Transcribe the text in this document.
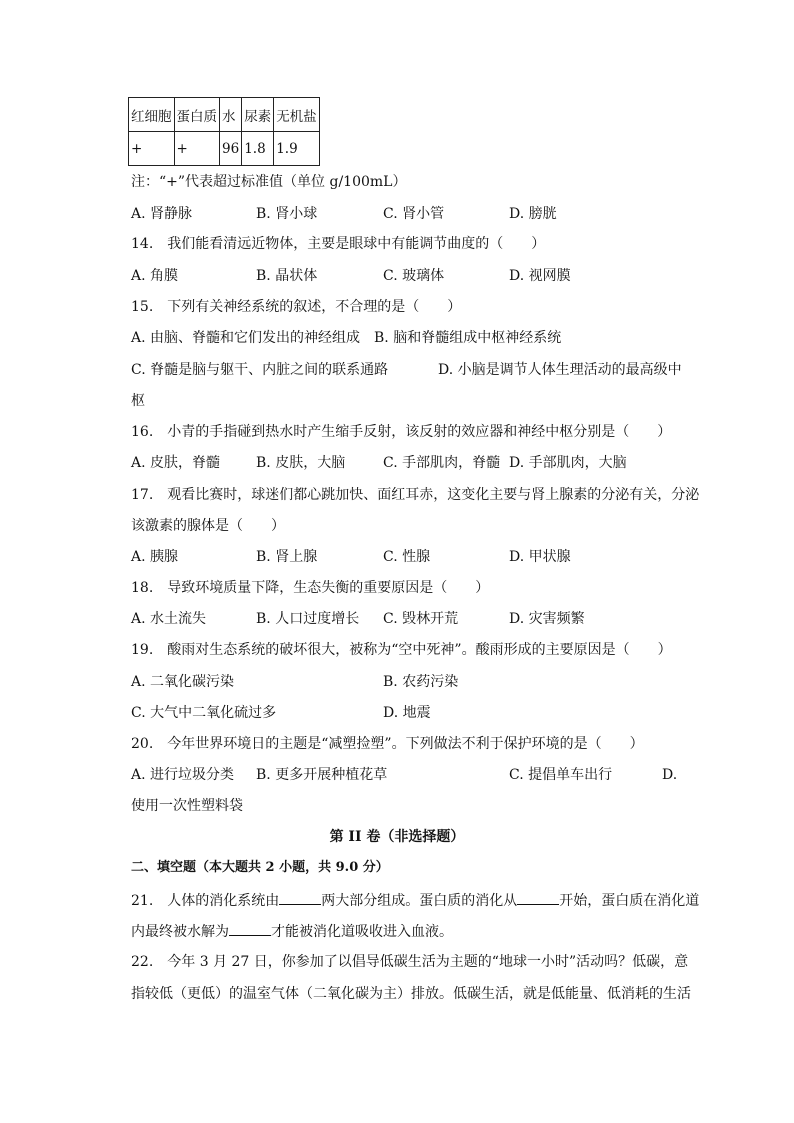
红细胞	蛋白质	水	尿素	无机盐
+	+	96	1.8	1.9
注：“+”代表超过标准值（单位 g/100mL）
A. 肾静脉	B. 肾小球	C. 肾小管	D. 膀胱
14.　我们能看清远近物体，主要是眼球中有能调节曲度的（　　）
A. 角膜	B. 晶状体	C. 玻璃体	D. 视网膜
15.　下列有关神经系统的叙述，不合理的是（　　）
A. 由脑、脊髓和它们发出的神经组成 B. 脑和脊髓组成中枢神经系统
C. 脊髓是脑与躯干、内脏之间的联系通路	D. 小脑是调节人体生理活动的最高级中
枢
16.　小青的手指碰到热水时产生缩手反射，该反射的效应器和神经中枢分别是（　　）
A. 皮肤，脊髓	B. 皮肤，大脑	C. 手部肌肉，脊髓 D. 手部肌肉，大脑
17.　观看比赛时，球迷们都心跳加快、面红耳赤，这变化主要与肾上腺素的分泌有关，分泌
该激素的腺体是（　　）
A. 胰腺	B. 肾上腺	C. 性腺	D. 甲状腺
18.　导致环境质量下降，生态失衡的重要原因是（　　）
A. 水土流失	B. 人口过度增长 C. 毁林开荒	D. 灾害频繁
19.　酸雨对生态系统的破坏很大，被称为“空中死神”。酸雨形成的主要原因是（　　）
A. 二氧化碳污染	B. 农药污染
C. 大气中二氧化硫过多	D. 地震
20.　今年世界环境日的主题是“减塑捡塑”。下列做法不利于保护环境的是（　　）
A. 进行垃圾分类 B. 更多开展种植花草	C. 提倡单车出行	D.
使用一次性塑料袋
第 II 卷（非选择题）
二、填空题（本大题共 2 小题，共 9.0 分）
21.　人体的消化系统由	两大部分组成。蛋白质的消化从	开始，蛋白质在消化道
内最终被水解为	才能被消化道吸收进入血液。
22.　今年 3 月 27 日，你参加了以倡导低碳生活为主题的“地球一小时”活动吗？低碳，意
指较低（更低）的温室气体（二氧化碳为主）排放。低碳生活，就是低能量、低消耗的生活
